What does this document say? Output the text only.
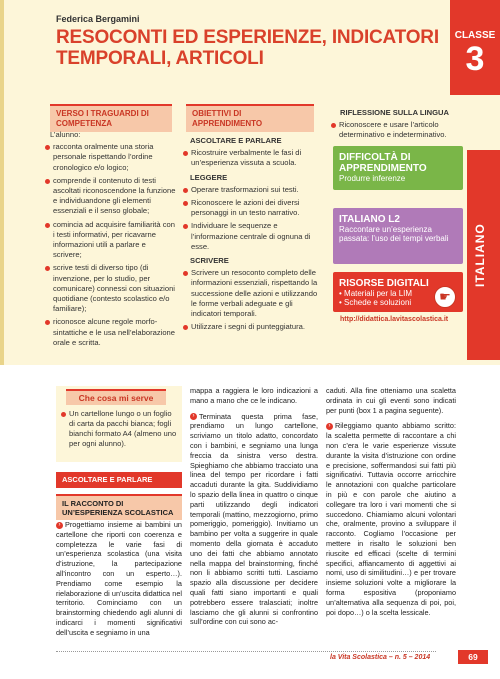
Federica Bergamini
RESOCONTI ED ESPERIENZE, INDICATORI
TEMPORALI, ARTICOLI
CLASSE
3
ITALIANO
VERSO I TRAGUARDI DI COMPETENZA
L’alunno:
racconta oralmente una storia personale rispettando l’ordine cronologico e/o logico;
comprende il contenuto di testi ascoltati riconoscendone la funzione e individuandone gli elementi essenziali e il senso globale;
comincia ad acquisire familiarità con i testi informativi, per ricavarne informazioni utili a parlare e scrivere;
scrive testi di diverso tipo (di invenzione, per lo studio, per comunicare) connessi con situazioni quotidiane (contesto scolastico e/o familiare);
riconosce alcune regole morfo-sintattiche e le usa nell’elaborazione orale e scritta.
OBIETTIVI DI APPRENDIMENTO
ASCOLTARE E PARLARE
Ricostruire verbalmente le fasi di un’esperienza vissuta a scuola.
LEGGERE
Operare trasformazioni sui testi.
Riconoscere le azioni dei diversi personaggi in un testo narrativo.
Individuare le sequenze e l’informazione centrale di ognuna di esse.
SCRIVERE
Scrivere un resoconto completo delle informazioni essenziali, rispettando la successione delle azioni e utilizzando le forme verbali adeguate e gli indicatori temporali.
Utilizzare i segni di punteggiatura.
RIFLESSIONE SULLA LINGUA
Riconoscere e usare l’articolo determinativo e indeterminativo.
DIFFICOLTÀ DI APPRENDIMENTO
Produrre inferenze
ITALIANO L2
Raccontare un’esperienza passata: l’uso dei tempi verbali
RISORSE DIGITALI
• Materiali per la LIM
• Schede e soluzioni	☛
http://didattica.lavitascolastica.it
Che cosa mi serve
Un cartellone lungo o un foglio di carta da pacchi bianca; fogli bianchi formato A4 (almeno uno per ogni alunno).
ASCOLTARE E PARLARE
IL RACCONTO DI UN’ESPERIENZA SCOLASTICA
› Progettiamo insieme ai bambini un cartellone che riporti con coerenza e completezza le varie fasi di un’esperienza scolastica (una visita d’istruzione, la partecipazione all’incontro con un esperto…). Prendiamo come esempio la rielaborazione di un’uscita didattica nel territorio. Cominciamo con un brainstorming chiedendo agli alunni di indicarci i momenti significativi dell’uscita e segniamo in una
mappa a raggiera le loro indicazioni a mano a mano che ce le indicano.
› Terminata questa prima fase, prendiamo un lungo cartellone, scriviamo un titolo adatto, concordato con i bambini, e segniamo una lunga freccia da sinistra verso destra. Spieghiamo che abbiamo tracciato una linea del tempo per ricordare i fatti accaduti durante la gita. Suddividiamo lo spazio della linea in quattro o cinque parti utilizzando degli indicatori temporali (mattino, mezzogiorno, primo pomeriggio, pomeriggio). Invitiamo un bambino per volta a suggerire in quale momento della giornata è accaduto uno dei fatti che abbiamo annotato nella mappa del brainstorming, finché non li abbiamo scritti tutti. Lasciamo spazio alla discussione per decidere quali fatti siano importanti e quali potrebbero essere tralasciati; inoltre lasciamo che gli alunni si confrontino sull’ordine con cui sono ac-
caduti. Alla fine otteniamo una scaletta ordinata in cui gli eventi sono indicati per punti (box 1 a pagina seguente).
› Rileggiamo quanto abbiamo scritto: la scaletta permette di raccontare a chi non c’era le varie esperienze vissute durante la visita d’istruzione con ordine e precisione, soffermandosi sui fatti più significativi. Tuttavia occorre arricchire le annotazioni con qualche particolare in più e con parole che aiutino a collegare tra loro i vari momenti che si succedono. Chiamiamo alcuni volontari che, oralmente, provino a sviluppare il racconto. Cogliamo l’occasione per mettere in risalto le soluzioni ben riuscite ed efficaci (scelte di termini specifici, affiancamento di aggettivi ai nomi, uso di similitudini…) e per trovare insieme soluzioni volte a migliorare la forma espositiva (proponiamo un’alternativa alla sequenza di poi, poi, poi dopo…) o la scelta lessicale.
la Vita Scolastica – n. 5 – 2014	69
